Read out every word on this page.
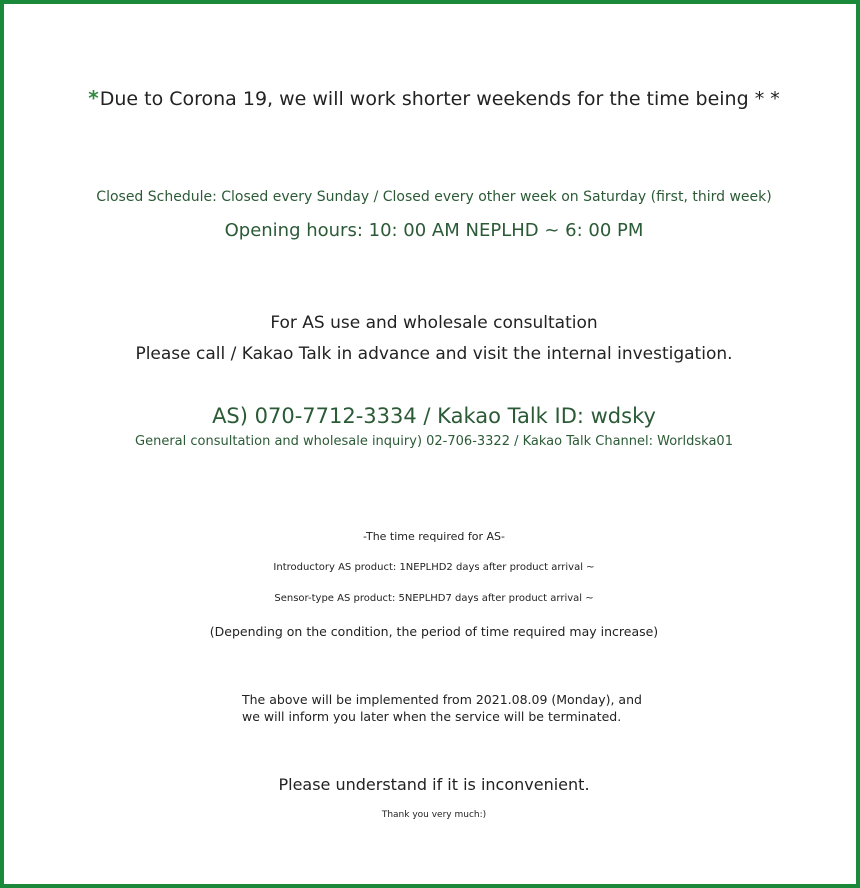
*Due to Corona 19, we will work shorter weekends for the time being * *

Closed Schedule: Closed every Sunday / Closed every other week on Saturday (first, third week)

Opening hours: 10: 00 AM NEPLHD ~ 6: 00 PM

For AS use and wholesale consultation

Please call / Kakao Talk in advance and visit the internal investigation.

AS) 070-7712-3334 / Kakao Talk ID: wdsky

General consultation and wholesale inquiry) 02-706-3322 / Kakao Talk Channel: Worldska01

-The time required for AS-

Introductory AS product: 1NEPLHD2 days after product arrival ~

Sensor-type AS product: 5NEPLHD7 days after product arrival ~

(Depending on the condition, the period of time required may increase)

The above will be implemented from 2021.08.09 (Monday), and
we will inform you later when the service will be terminated.

Please understand if it is inconvenient.

Thank you very much:)
